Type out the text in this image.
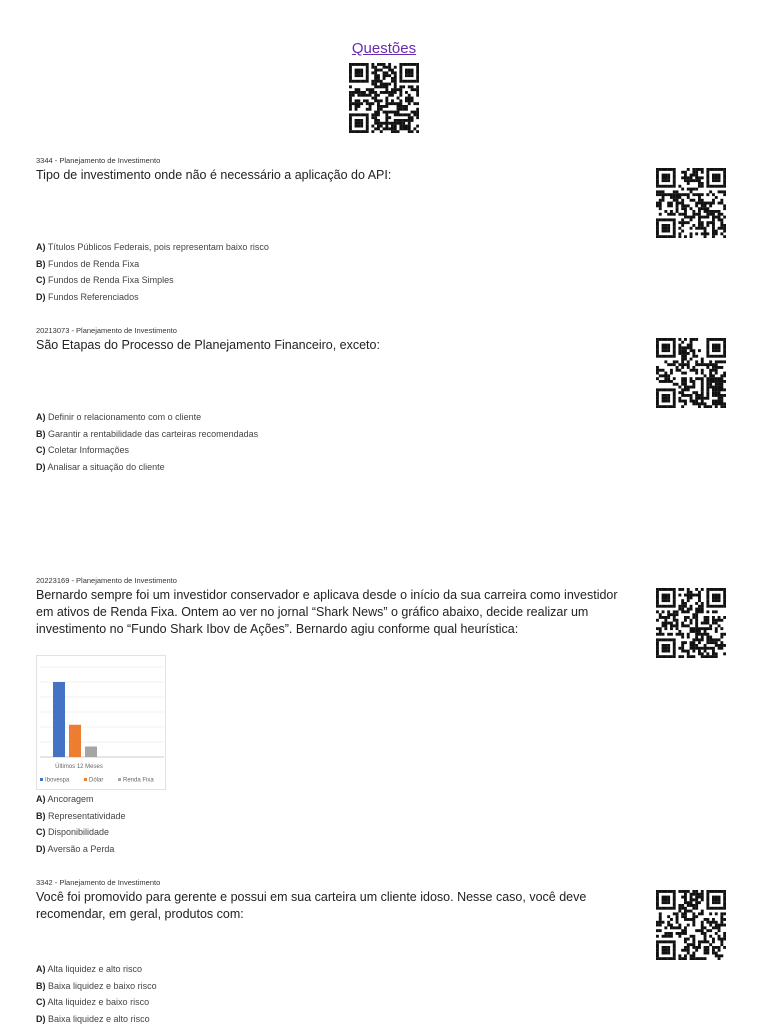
Questões
3344 - Planejamento de Investimento
Tipo de investimento onde não é necessário a aplicação do API:
A) Títulos Públicos Federais, pois representam baixo risco
B) Fundos de Renda Fixa
C) Fundos de Renda Fixa Simples
D) Fundos Referenciados
20213073 - Planejamento de Investimento
São Etapas do Processo de Planejamento Financeiro, exceto:
A) Definir o relacionamento com o cliente
B) Garantir a rentabilidade das carteiras recomendadas
C) Coletar Informações
D) Analisar a situação do cliente
20223169 - Planejamento de Investimento
Bernardo sempre foi um investidor conservador e aplicava desde o início da sua carreira como investidor em ativos de Renda Fixa. Ontem ao ver no jornal “Shark News” o gráfico abaixo, decide realizar um investimento no “Fundo Shark Ibov de Ações”. Bernardo agiu conforme qual heurística:
Últimos 12 Meses
Ibovespa	Dólar	Renda Fixa
A) Ancoragem
B) Representatividade
C) Disponibilidade
D) Aversão a Perda
3342 - Planejamento de Investimento
Você foi promovido para gerente e possui em sua carteira um cliente idoso. Nesse caso, você deve recomendar, em geral, produtos com:
A) Alta liquidez e alto risco
B) Baixa liquidez e baixo risco
C) Alta liquidez e baixo risco
D) Baixa liquidez e alto risco
